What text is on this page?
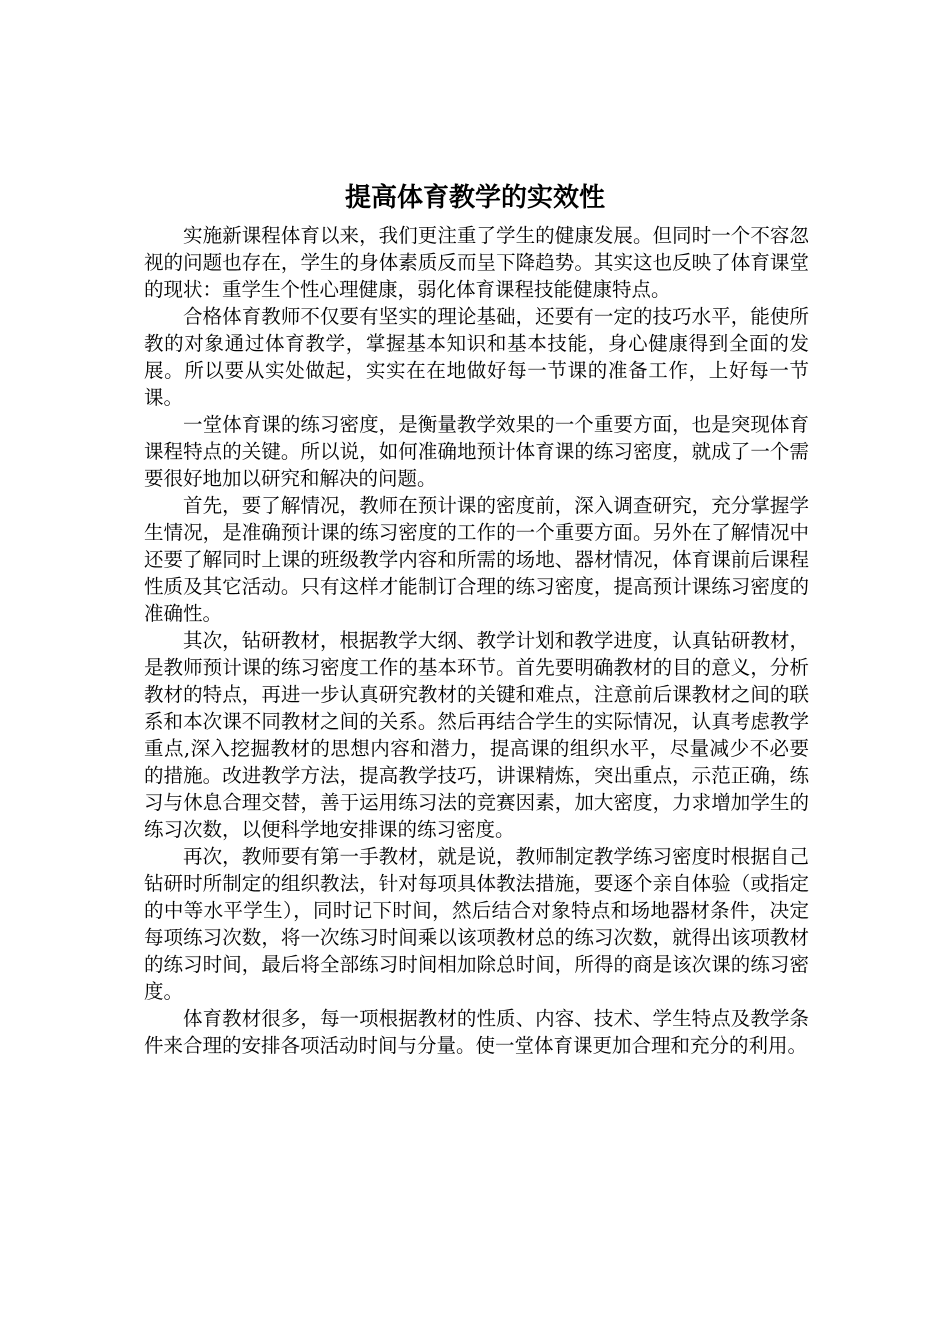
提高体育教学的实效性

实施新课程体育以来，我们更注重了学生的健康发展。但同时一个不容忽视的问题也存在，学生的身体素质反而呈下降趋势。其实这也反映了体育课堂的现状：重学生个性心理健康，弱化体育课程技能健康特点。

合格体育教师不仅要有坚实的理论基础，还要有一定的技巧水平，能使所教的对象通过体育教学，掌握基本知识和基本技能，身心健康得到全面的发展。所以要从实处做起，实实在在地做好每一节课的准备工作，上好每一节课。

一堂体育课的练习密度，是衡量教学效果的一个重要方面，也是突现体育课程特点的关键。所以说，如何准确地预计体育课的练习密度，就成了一个需要很好地加以研究和解决的问题。

首先，要了解情况，教师在预计课的密度前，深入调查研究，充分掌握学生情况，是准确预计课的练习密度的工作的一个重要方面。另外在了解情况中还要了解同时上课的班级教学内容和所需的场地、器材情况，体育课前后课程性质及其它活动。只有这样才能制订合理的练习密度，提高预计课练习密度的准确性。

其次，钻研教材，根据教学大纲、教学计划和教学进度，认真钻研教材，是教师预计课的练习密度工作的基本环节。首先要明确教材的目的意义，分析教材的特点，再进一步认真研究教材的关键和难点，注意前后课教材之间的联系和本次课不同教材之间的关系。然后再结合学生的实际情况，认真考虑教学重点,深入挖掘教材的思想内容和潜力，提高课的组织水平，尽量减少不必要的措施。改进教学方法，提高教学技巧，讲课精炼，突出重点，示范正确，练习与休息合理交替，善于运用练习法的竞赛因素，加大密度，力求增加学生的练习次数，以便科学地安排课的练习密度。

再次，教师要有第一手教材，就是说，教师制定教学练习密度时根据自己钻研时所制定的组织教法，针对每项具体教法措施，要逐个亲自体验（或指定的中等水平学生），同时记下时间，然后结合对象特点和场地器材条件，决定每项练习次数，将一次练习时间乘以该项教材总的练习次数，就得出该项教材的练习时间，最后将全部练习时间相加除总时间，所得的商是该次课的练习密度。

体育教材很多，每一项根据教材的性质、内容、技术、学生特点及教学条件来合理的安排各项活动时间与分量。使一堂体育课更加合理和充分的利用。
